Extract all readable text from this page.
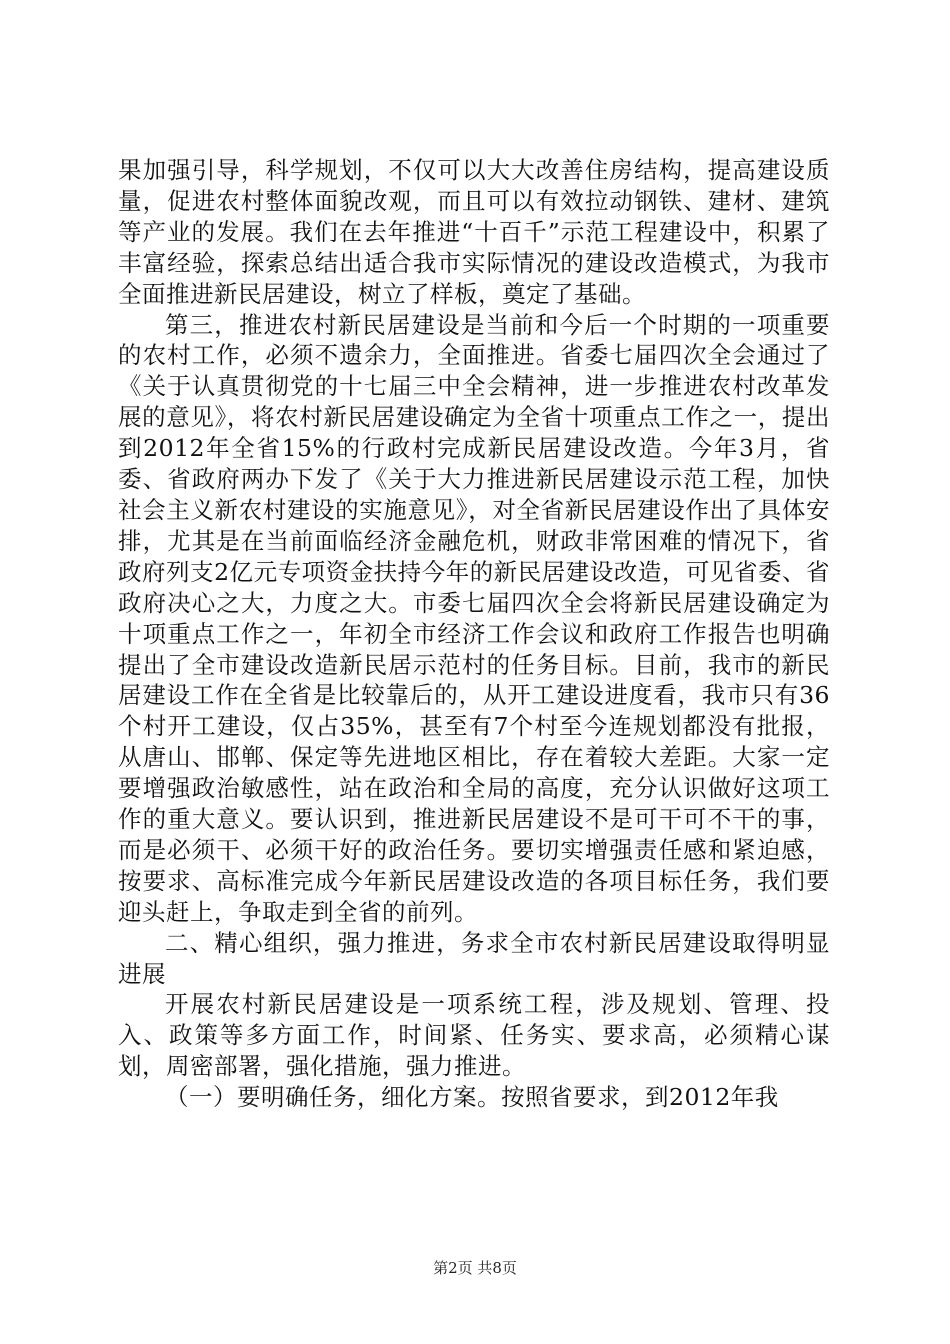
果加强引导，科学规划，不仅可以大大改善住房结构，提高建设质量，促进农村整体面貌改观，而且可以有效拉动钢铁、建材、建筑等产业的发展。我们在去年推进“十百千”示范工程建设中，积累了丰富经验，探索总结出适合我市实际情况的建设改造模式，为我市全面推进新民居建设，树立了样板，奠定了基础。

第三，推进农村新民居建设是当前和今后一个时期的一项重要的农村工作，必须不遗余力，全面推进。省委七届四次全会通过了《关于认真贯彻党的十七届三中全会精神，进一步推进农村改革发展的意见》，将农村新民居建设确定为全省十项重点工作之一，提出到2012年全省15%的行政村完成新民居建设改造。今年3月，省委、省政府两办下发了《关于大力推进新民居建设示范工程，加快社会主义新农村建设的实施意见》，对全省新民居建设作出了具体安排，尤其是在当前面临经济金融危机，财政非常困难的情况下，省政府列支2亿元专项资金扶持今年的新民居建设改造，可见省委、省政府决心之大，力度之大。市委七届四次全会将新民居建设确定为十项重点工作之一，年初全市经济工作会议和政府工作报告也明确提出了全市建设改造新民居示范村的任务目标。目前，我市的新民居建设工作在全省是比较靠后的，从开工建设进度看，我市只有36个村开工建设，仅占35%，甚至有7个村至今连规划都没有批报，从唐山、邯郸、保定等先进地区相比，存在着较大差距。大家一定要增强政治敏感性，站在政治和全局的高度，充分认识做好这项工作的重大意义。要认识到，推进新民居建设不是可干可不干的事，而是必须干、必须干好的政治任务。要切实增强责任感和紧迫感，按要求、高标准完成今年新民居建设改造的各项目标任务，我们要迎头赶上，争取走到全省的前列。

二、精心组织，强力推进，务求全市农村新民居建设取得明显进展

开展农村新民居建设是一项系统工程，涉及规划、管理、投入、政策等多方面工作，时间紧、任务实、要求高，必须精心谋划，周密部署，强化措施，强力推进。

（一）要明确任务，细化方案。按照省要求，到2012年我

第2页 共8页
